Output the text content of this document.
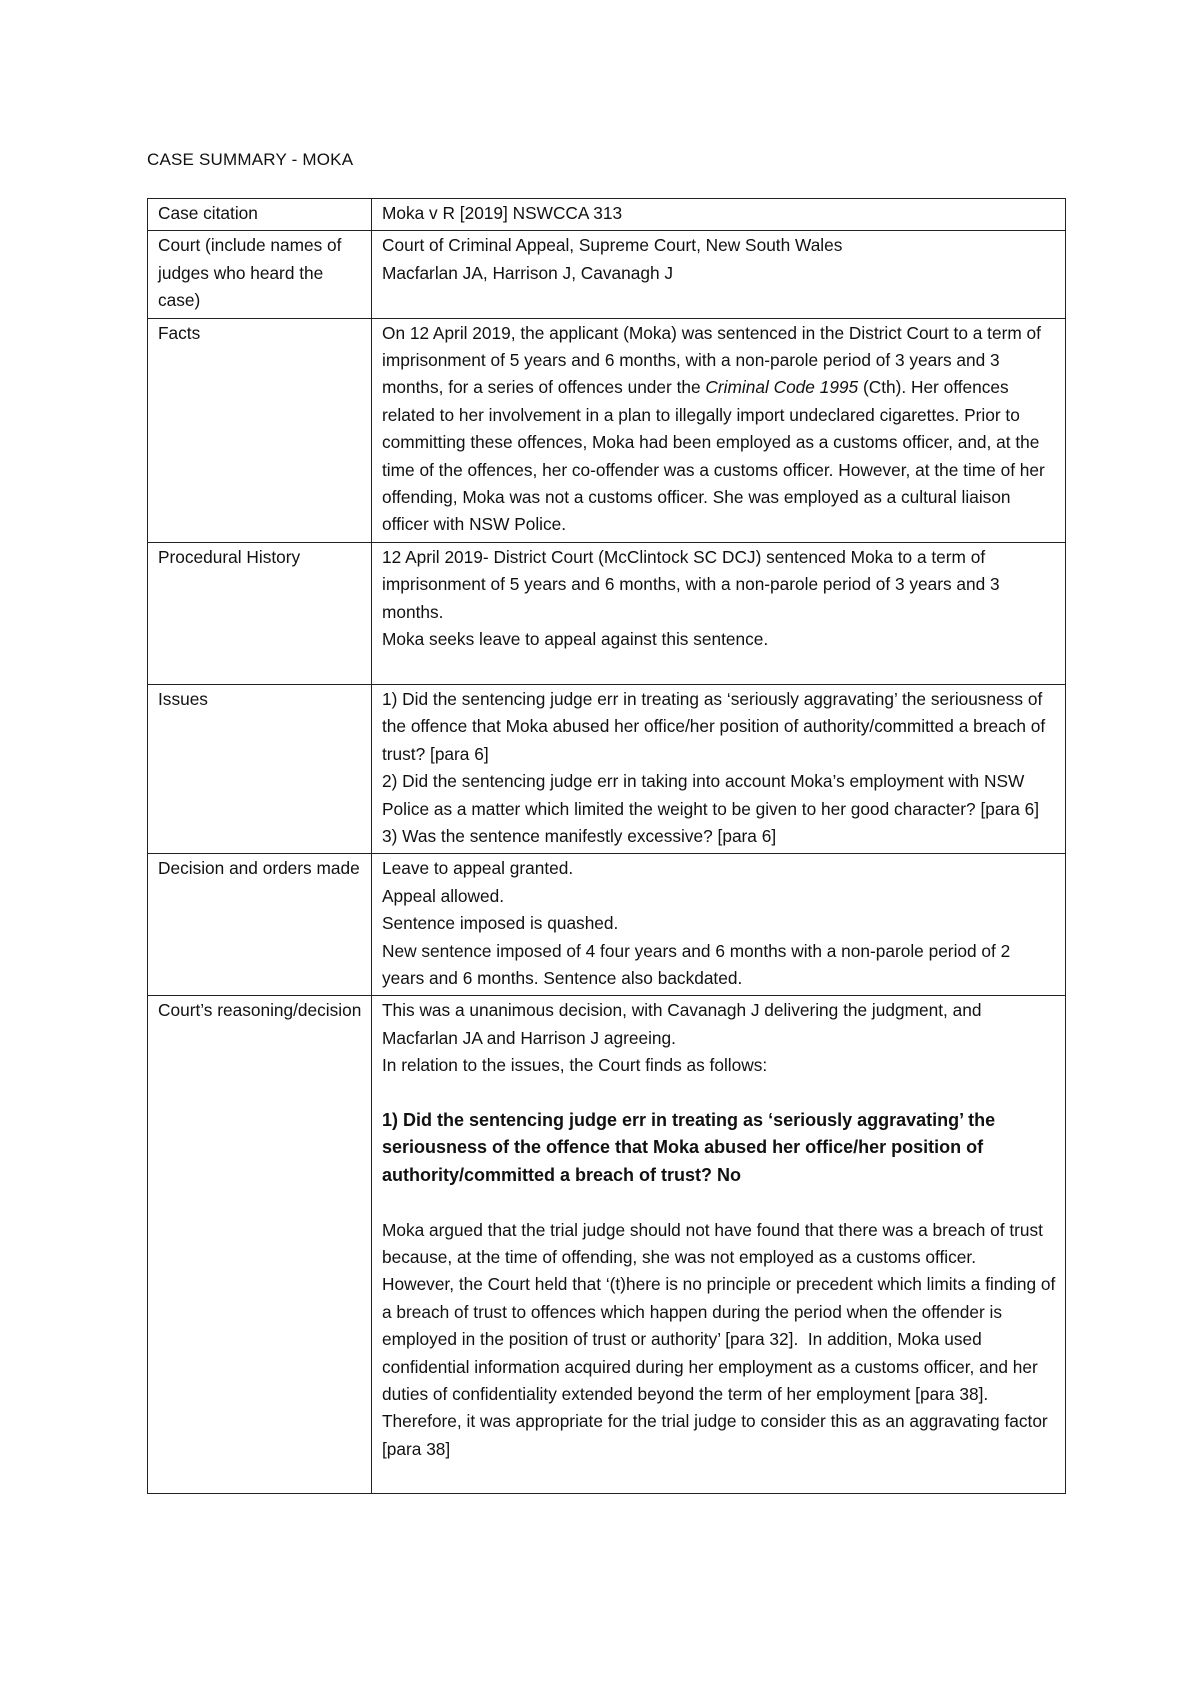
CASE SUMMARY - MOKA
Case citation	Moka v R [2019] NSWCCA 313
Court (include names of judges who heard the case)	Court of Criminal Appeal, Supreme Court, New South Wales
Macfarlan JA, Harrison J, Cavanagh J

Facts	On 12 April 2019, the applicant (Moka) was sentenced in the District Court to a term of imprisonment of 5 years and 6 months, with a non-parole period of 3 years and 3 months, for a series of offences under the Criminal Code 1995 (Cth). Her offences related to her involvement in a plan to illegally import undeclared cigarettes. Prior to committing these offences, Moka had been employed as a customs officer, and, at the time of the offences, her co-offender was a customs officer. However, at the time of her offending, Moka was not a customs officer. She was employed as a cultural liaison officer with NSW Police.
Procedural History	12 April 2019- District Court (McClintock SC DCJ) sentenced Moka to a term of imprisonment of 5 years and 6 months, with a non-parole period of 3 years and 3 months.
Moka seeks leave to appeal against this sentence.

Issues	1) Did the sentencing judge err in treating as ‘seriously aggravating’ the seriousness of the offence that Moka abused her office/her position of authority/committed a breach of trust? [para 6]
2) Did the sentencing judge err in taking into account Moka’s employment with NSW Police as a matter which limited the weight to be given to her good character? [para 6]
3) Was the sentence manifestly excessive? [para 6]

Decision and orders made	Leave to appeal granted.
Appeal allowed.
Sentence imposed is quashed.
New sentence imposed of 4 four years and 6 months with a non-parole period of 2 years and 6 months. Sentence also backdated.

Court’s reasoning/decision	This was a unanimous decision, with Cavanagh J delivering the judgment, and Macfarlan JA and Harrison J agreeing.
In relation to the issues, the Court finds as follows:
1) Did the sentencing judge err in treating as ‘seriously aggravating’ the seriousness of the offence that Moka abused her office/her position of authority/committed a breach of trust? No
Moka argued that the trial judge should not have found that there was a breach of trust because, at the time of offending, she was not employed as a customs officer.  However, the Court held that ‘(t)here is no principle or precedent which limits a finding of a breach of trust to offences which happen during the period when the offender is employed in the position of trust or authority’ [para 32].  In addition, Moka used confidential information acquired during her employment as a customs officer, and her duties of confidentiality extended beyond the term of her employment [para 38].  Therefore, it was appropriate for the trial judge to consider this as an aggravating factor [para 38]
